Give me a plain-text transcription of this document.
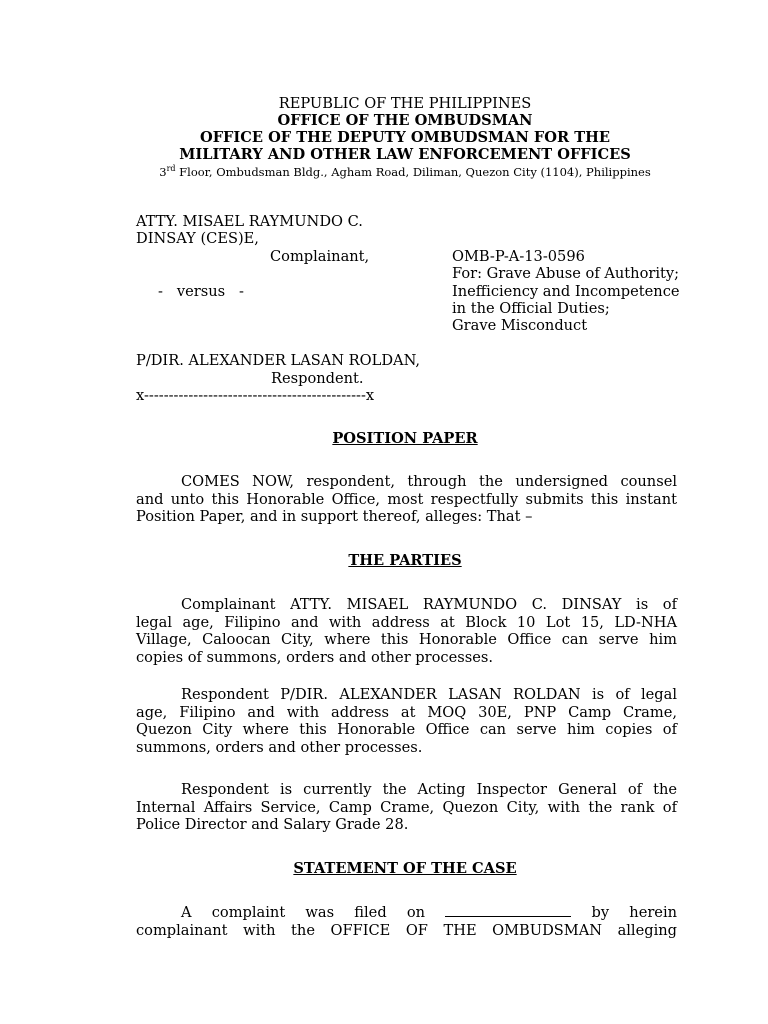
REPUBLIC OF THE PHILIPPINES
OFFICE OF THE OMBUDSMAN
OFFICE OF THE DEPUTY OMBUDSMAN FOR THE
MILITARY AND OTHER LAW ENFORCEMENT OFFICES
3rd Floor, Ombudsman Bldg., Agham Road, Diliman, Quezon City (1104), Philippines
ATTY. MISAEL RAYMUNDO C.
DINSAY (CES)E,
Complainant,
-   versus   -
P/DIR. ALEXANDER LASAN ROLDAN,
Respondent.
x---------------------------------------------x
OMB-P-A-13-0596
For: Grave Abuse of Authority;
Inefficiency and Incompetence
in the Official Duties;
Grave Misconduct
POSITION PAPER
COMES NOW, respondent, through the undersigned counsel
and unto this Honorable Office, most respectfully submits this instant
Position Paper, and in support thereof, alleges: That –
THE PARTIES
Complainant ATTY. MISAEL RAYMUNDO C. DINSAY is of
legal age, Filipino and with address at Block 10 Lot 15, LD-NHA
Village, Caloocan City, where this Honorable Office can serve him
copies of summons, orders and other processes.
Respondent P/DIR. ALEXANDER LASAN ROLDAN is of legal
age, Filipino and with address at MOQ 30E, PNP Camp Crame,
Quezon City where this Honorable Office can serve him copies of
summons, orders and other processes.
Respondent is currently the Acting Inspector General of the
Internal Affairs Service, Camp Crame, Quezon City, with the rank of
Police Director and Salary Grade 28.
STATEMENT OF THE CASE
A complaint was filed on	by herein
complainant with the OFFICE OF THE OMBUDSMAN alleging
